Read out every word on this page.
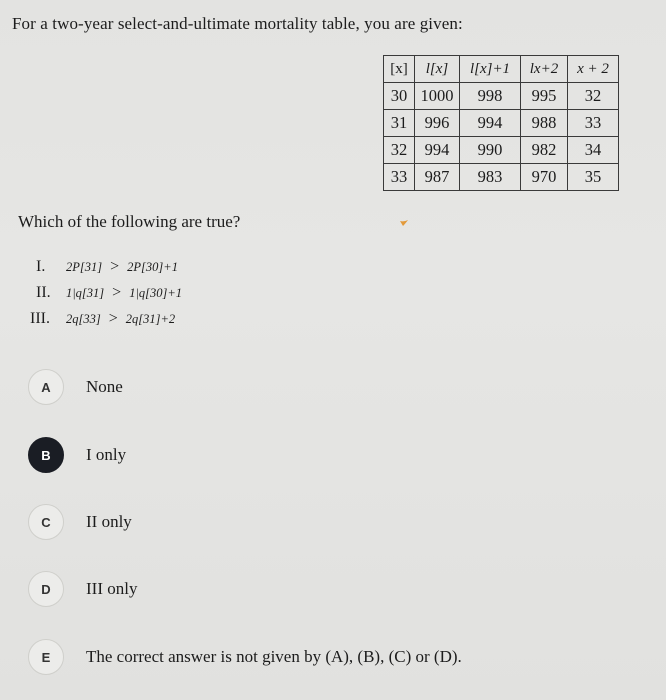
For a two-year select-and-ultimate mortality table, you are given:
[x]	l[x]	l[x]+1	lx+2	x + 2
30	1000	998	995	32
31	996	994	988	33
32	994	990	982	34
33	987	983	970	35
Which of the following are true?
I. 2P[31] > 2P[30]+1
II. 1|q[31] > 1|q[30]+1
III. 2q[33] > 2q[31]+2
A	None
B	I only
C	II only
D	III only
E	The correct answer is not given by (A), (B), (C) or (D).
